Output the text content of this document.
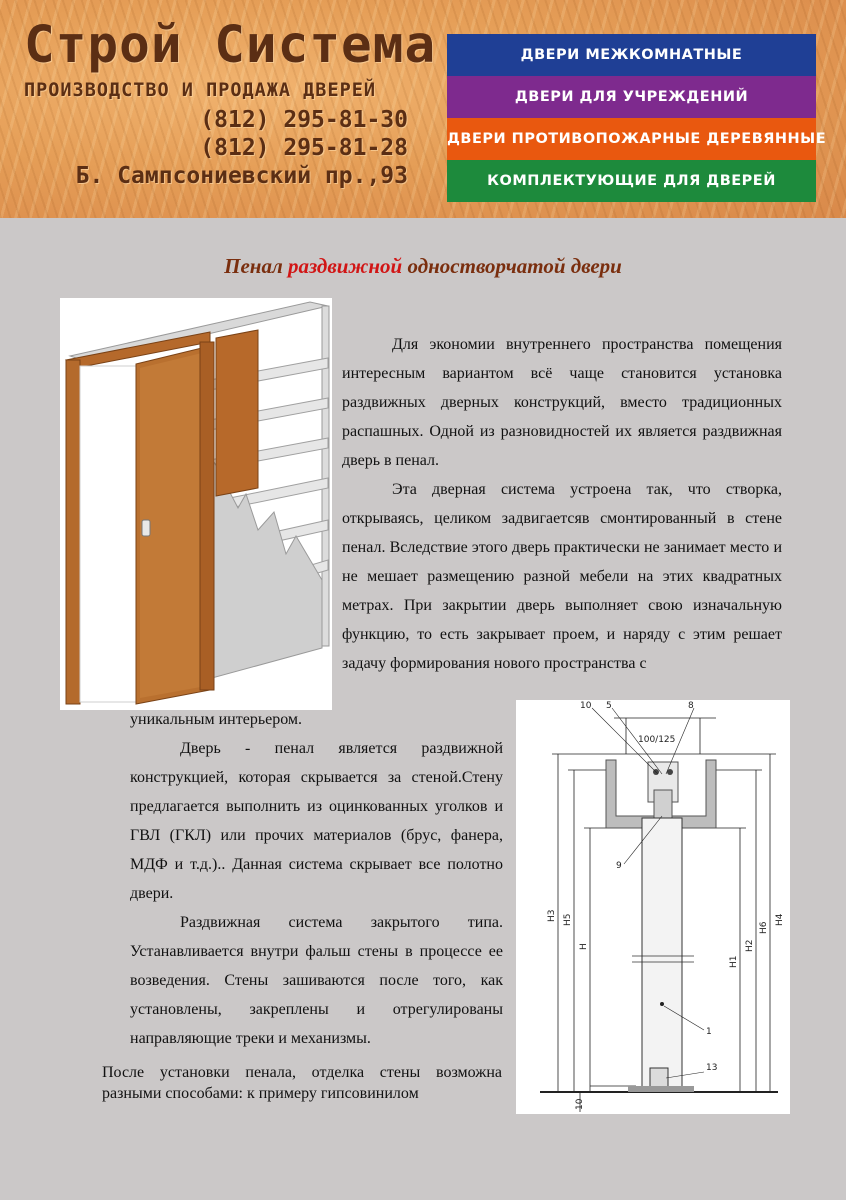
Строй Система
ПРОИЗВОДСТВО И ПРОДАЖА ДВЕРЕЙ
(812) 295-81-30
(812) 295-81-28
Б. Сампсониевский пр.,93
ДВЕРИ МЕЖКОМНАТНЫЕ
ДВЕРИ ДЛЯ УЧРЕЖДЕНИЙ
ДВЕРИ ПРОТИВОПОЖАРНЫЕ ДЕРЕВЯННЫЕ
КОМПЛЕКТУЮЩИЕ ДЛЯ ДВЕРЕЙ
Пенал раздвижной одностворчатой двери

Для экономии внутреннего пространства помещения интересным вариантом всё чаще становится установка раздвижных дверных конструкций, вместо традиционных распашных. Одной из разновидностей их является раздвижная дверь в пенал.

Эта дверная система устроена так, что створка, открываясь, целиком задвигаетсяв смонтированный в стене пенал. Вследствие этого дверь практически не занимает место и не мешает размещению разной мебели на этих квадратных метрах. При закрытии дверь выполняет свою изначальную функцию, то есть закрывает проем, и наряду с этим решает задачу формирования нового пространства с

уникальным интерьером.

Дверь - пенал является раздвижной конструкцией, которая скрывается за стеной.Стену предлагается выполнить из оцинкованных уголков и ГВЛ (ГКЛ) или прочих материалов (брус, фанера, МДФ и т.д.).. Данная система скрывает все полотно двери.

Раздвижная система закрытого типа. Устанавливается внутри фальш стены в процессе ее возведения. Стены зашиваются после того, как установлены, закреплены и отрегулированы направляющие треки и механизмы.

После установки пенала, отделка стены возможна разными способами: к примеру гипсовинилом

10 5	8
100/125
9
1
13
10
H3 H5
H
H1
H2
H6
H4
